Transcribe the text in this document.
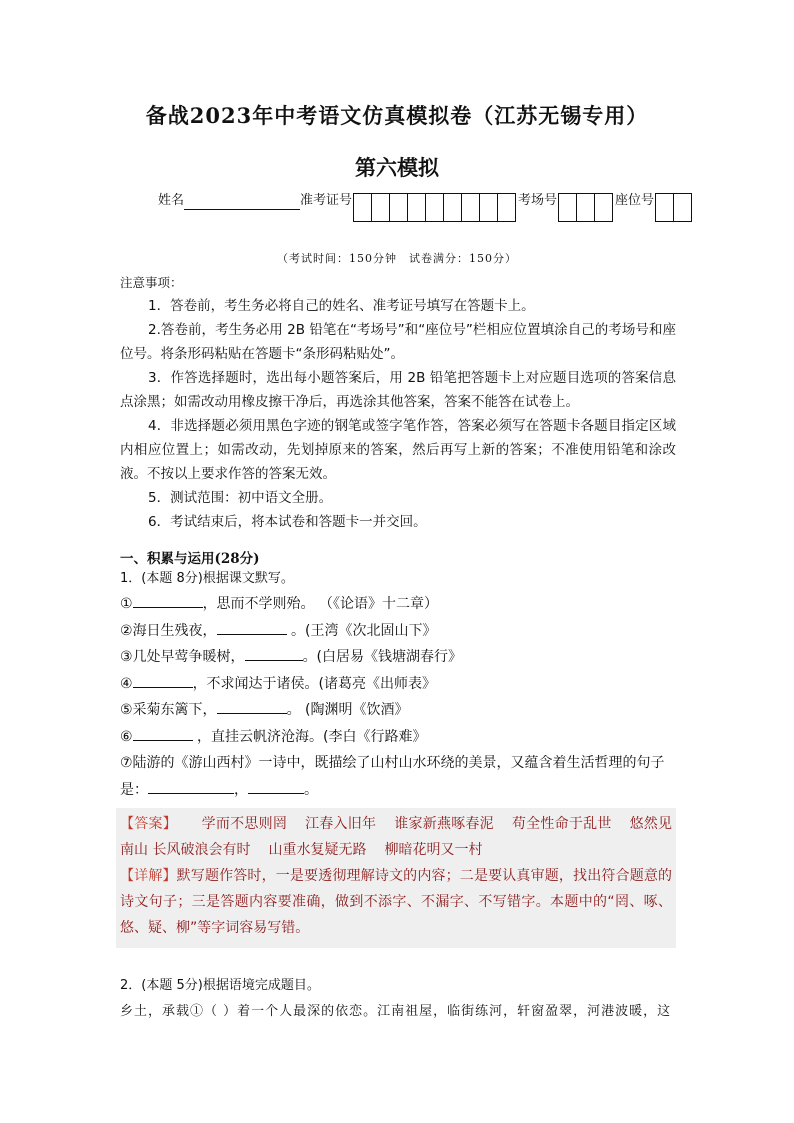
备战2023年中考语文仿真模拟卷（江苏无锡专用）
第六模拟
姓名	准考证号	考场号	座位号
（考试时间：150分钟　试卷满分：150分）
注意事项：

1．答卷前，考生务必将自己的姓名、准考证号填写在答题卡上。

2.答卷前，考生务必用 2B 铅笔在“考场号”和“座位号”栏相应位置填涂自己的考场号和座位号。将条形码粘贴在答题卡“条形码粘贴处”。

3．作答选择题时，选出每小题答案后，用 2B 铅笔把答题卡上对应题目选项的答案信息点涂黑；如需改动用橡皮擦干净后，再选涂其他答案，答案不能答在试卷上。

4．非选择题必须用黑色字迹的钢笔或签字笔作答，答案必须写在答题卡各题目指定区域内相应位置上；如需改动，先划掉原来的答案，然后再写上新的答案；不准使用铅笔和涂改液。不按以上要求作答的答案无效。

5．测试范围：初中语文全册。

6．考试结束后，将本试卷和答题卡一并交回。

一、积累与运用(28分)
1．(本题 8分)根据课文默写。
①	，思而不学则殆。 （《论语》十二章）
②海日生残夜，	。(王湾《次北固山下》
③几处早莺争暖树，	。(白居易《钱塘湖春行》
④	，不求闻达于诸侯。(诸葛亮《出师表》
⑤采菊东篱下，	。 (陶渊明《饮酒》
⑥	，直挂云帆济沧海。(李白《行路难》
⑦陆游的《游山西村》一诗中，既描绘了山村山水环绕的美景，又蕴含着生活哲理的句子
是：	，	。
【答案】 学而不思则罔 江春入旧年 谁家新燕啄春泥 苟全性命于乱世 悠然见南山 长风破浪会有时 山重水复疑无路 柳暗花明又一村
【详解】默写题作答时，一是要透彻理解诗文的内容；二是要认真审题，找出符合题意的诗文句子；三是答题内容要准确，做到不添字、不漏字、不写错字。本题中的“罔、啄、悠、疑、柳”等字词容易写错。
2．(本题 5分)根据语境完成题目。
乡土，承载①（ ）着一个人最深的依恋。江南祖屋，临街练河，轩窗盈翠，河港波暖，这
